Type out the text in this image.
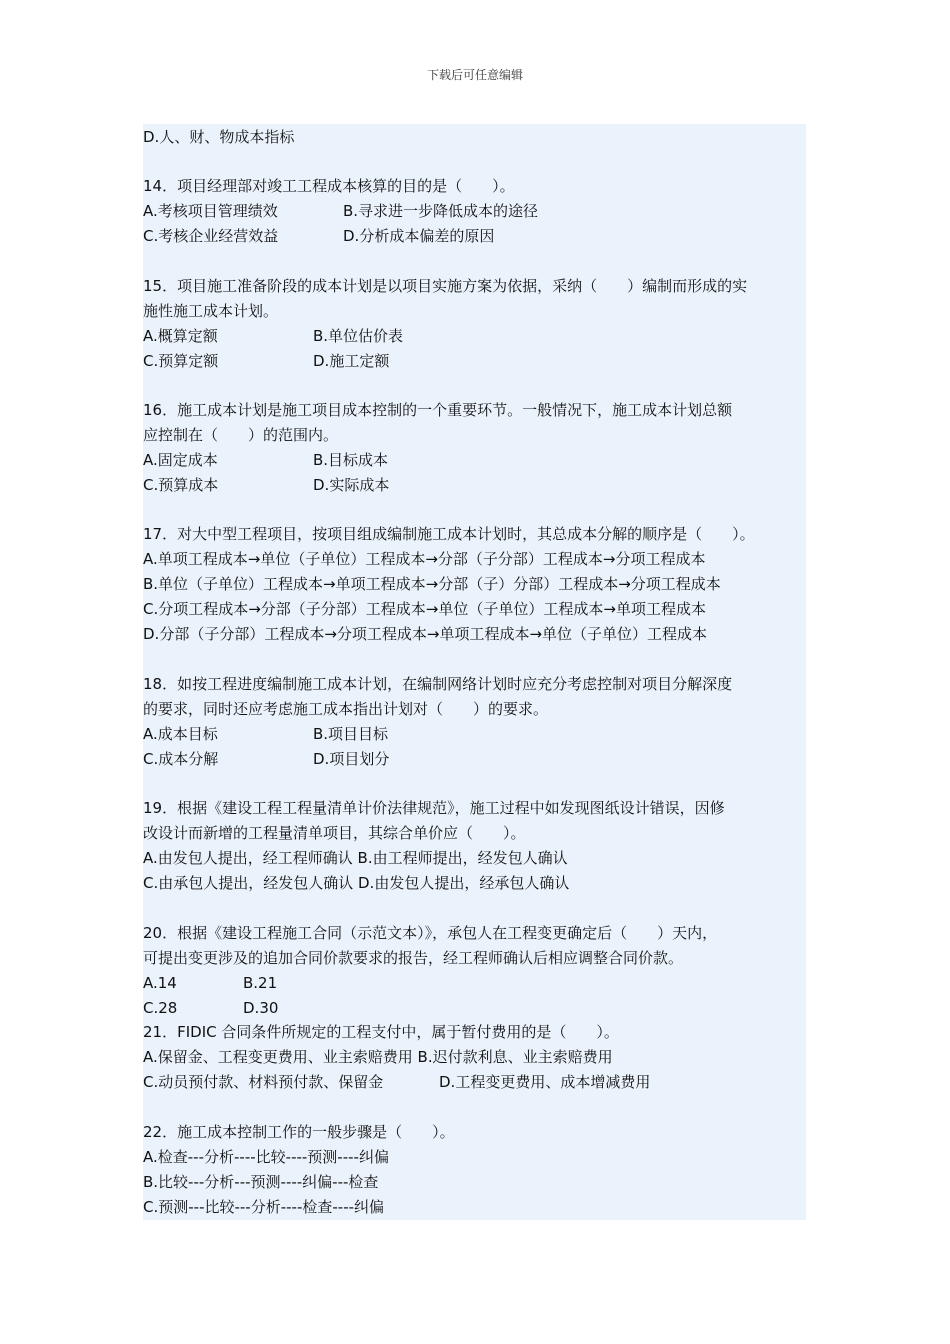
下载后可任意编辑
D.人、财、物成本指标
14．项目经理部对竣工工程成本核算的目的是（　　）。
A.考核项目管理绩效	B.寻求进一步降低成本的途径
C.考核企业经营效益	D.分析成本偏差的原因
15．项目施工准备阶段的成本计划是以项目实施方案为依据，采纳（　　）编制而形成的实
施性施工成本计划。
A.概算定额	B.单位估价表
C.预算定额	D.施工定额
16．施工成本计划是施工项目成本控制的一个重要环节。一般情况下，施工成本计划总额
应控制在（　　）的范围内。
A.固定成本	B.目标成本
C.预算成本	D.实际成本
17．对大中型工程项目，按项目组成编制施工成本计划时，其总成本分解的顺序是（　　）。
A.单项工程成本→单位（子单位）工程成本→分部（子分部）工程成本→分项工程成本
B.单位（子单位）工程成本→单项工程成本→分部（子）分部）工程成本→分项工程成本
C.分项工程成本→分部（子分部）工程成本→单位（子单位）工程成本→单项工程成本
D.分部（子分部）工程成本→分项工程成本→单项工程成本→单位（子单位）工程成本
18．如按工程进度编制施工成本计划，在编制网络计划时应充分考虑控制对项目分解深度
的要求，同时还应考虑施工成本指出计划对（　　）的要求。
A.成本目标	B.项目目标
C.成本分解	D.项目划分
19．根据《建设工程工程量清单计价法律规范》，施工过程中如发现图纸设计错误，因修
改设计而新增的工程量清单项目，其综合单价应（　　）。
A.由发包人提出，经工程师确认 B.由工程师提出，经发包人确认
C.由承包人提出，经发包人确认 D.由发包人提出，经承包人确认
20．根据《建设工程施工合同（示范文本）》，承包人在工程变更确定后（　　）天内，
可提出变更涉及的追加合同价款要求的报告，经工程师确认后相应调整合同价款。
A.14	B.21
C.28	D.30
21．FIDIC 合同条件所规定的工程支付中，属于暂付费用的是（　　）。
A.保留金、工程变更费用、业主索赔费用 B.迟付款利息、业主索赔费用
C.动员预付款、材料预付款、保留金	D.工程变更费用、成本增减费用
22．施工成本控制工作的一般步骤是（　　）。
A.检查---分析----比较----预测----纠偏
B.比较---分析---预测----纠偏---检查
C.预测---比较---分析----检查----纠偏
